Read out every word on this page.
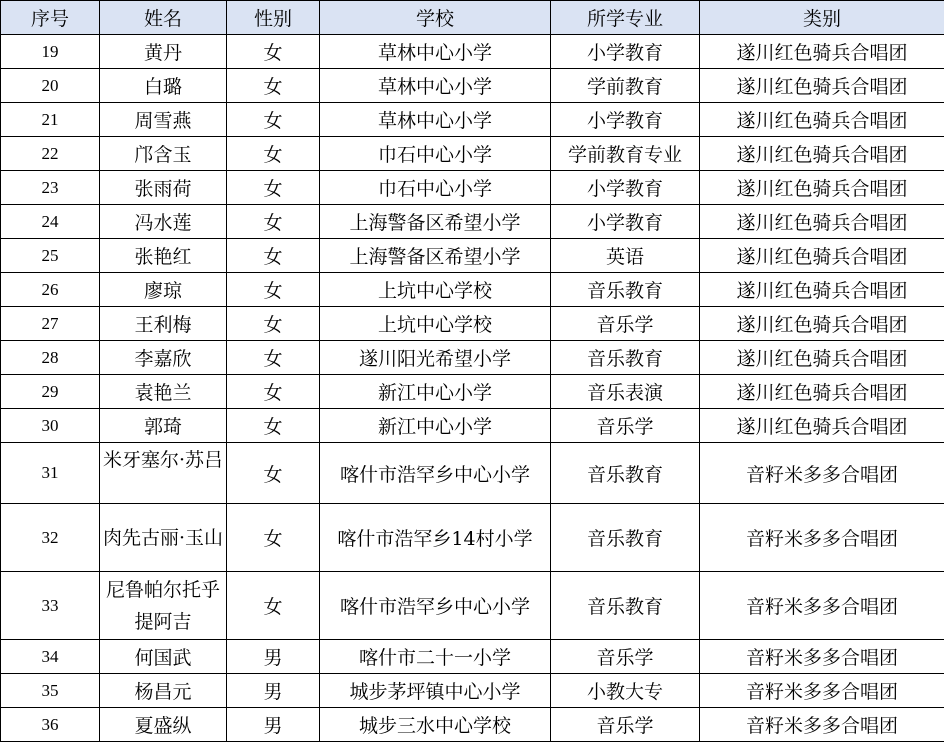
序号	姓名	性别	学校	所学专业	类别
19	黄丹	女	草林中心小学	小学教育	遂川红色骑兵合唱团
20	白璐	女	草林中心小学	学前教育	遂川红色骑兵合唱团
21	周雪燕	女	草林中心小学	小学教育	遂川红色骑兵合唱团
22	邝含玉	女	巾石中心小学	学前教育专业	遂川红色骑兵合唱团
23	张雨荷	女	巾石中心小学	小学教育	遂川红色骑兵合唱团
24	冯水莲	女	上海警备区希望小学	小学教育	遂川红色骑兵合唱团
25	张艳红	女	上海警备区希望小学	英语	遂川红色骑兵合唱团
26	廖琼	女	上坑中心学校	音乐教育	遂川红色骑兵合唱团
27	王利梅	女	上坑中心学校	音乐学	遂川红色骑兵合唱团
28	李嘉欣	女	遂川阳光希望小学	音乐教育	遂川红色骑兵合唱团
29	袁艳兰	女	新江中心小学	音乐表演	遂川红色骑兵合唱团
30	郭琦	女	新江中心小学	音乐学	遂川红色骑兵合唱团
31	米牙塞尔·苏吕	女	喀什市浩罕乡中心小学	音乐教育	音籽米多多合唱团
32	肉先古丽·玉山	女	喀什市浩罕乡14村小学	音乐教育	音籽米多多合唱团
33	尼鲁帕尔托乎提阿吉	女	喀什市浩罕乡中心小学	音乐教育	音籽米多多合唱团
34	何国武	男	喀什市二十一小学	音乐学	音籽米多多合唱团
35	杨昌元	男	城步茅坪镇中心小学	小教大专	音籽米多多合唱团
36	夏盛纵	男	城步三水中心学校	音乐学	音籽米多多合唱团
